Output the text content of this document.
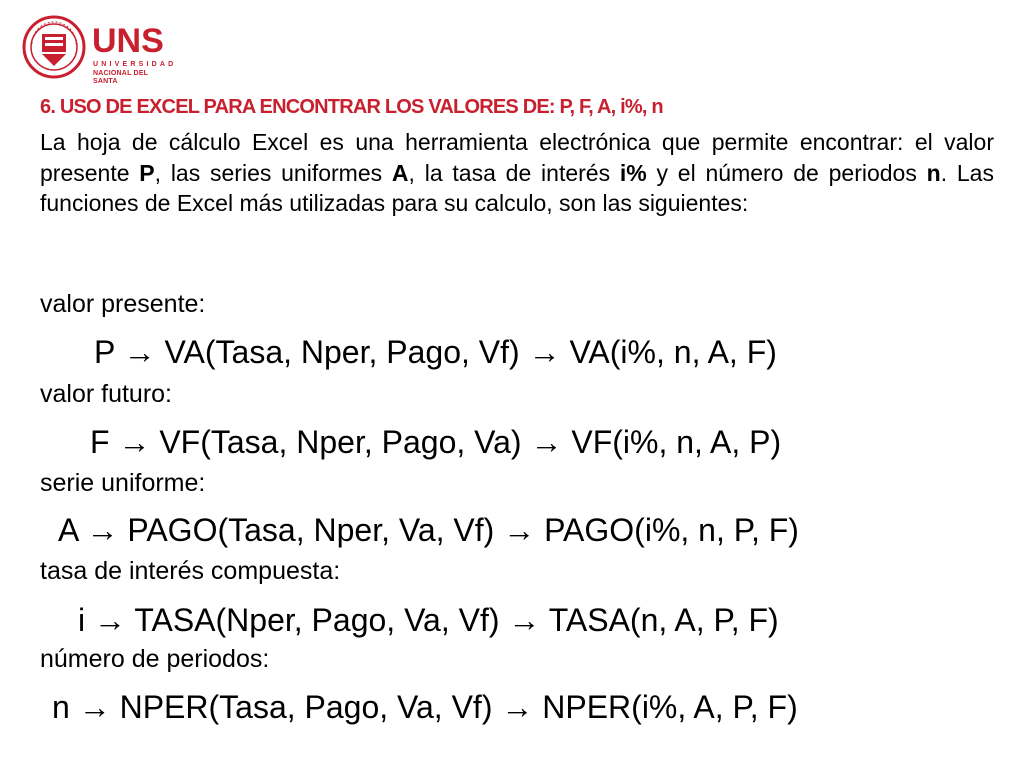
UNS
UNIVERSIDAD
NACIONAL DEL SANTA
6. USO DE EXCEL PARA ENCONTRAR LOS VALORES DE: P, F, A, i%, n
La hoja de cálculo Excel es una herramienta electrónica que permite encontrar: el valor presente P, las series uniformes A, la tasa de interés i% y el número de periodos n. Las funciones de Excel más utilizadas para su calculo, son las siguientes:
valor presente:
P → VA(Tasa, Nper, Pago, Vf) → VA(i%, n, A, F)
valor futuro:
F → VF(Tasa, Nper, Pago, Va) → VF(i%, n, A, P)
serie uniforme:
A → PAGO(Tasa, Nper, Va, Vf) → PAGO(i%, n, P, F)
tasa de interés compuesta:
i → TASA(Nper, Pago, Va, Vf) → TASA(n, A, P, F)
número de periodos:
n → NPER(Tasa, Pago, Va, Vf) → NPER(i%, A, P, F)
